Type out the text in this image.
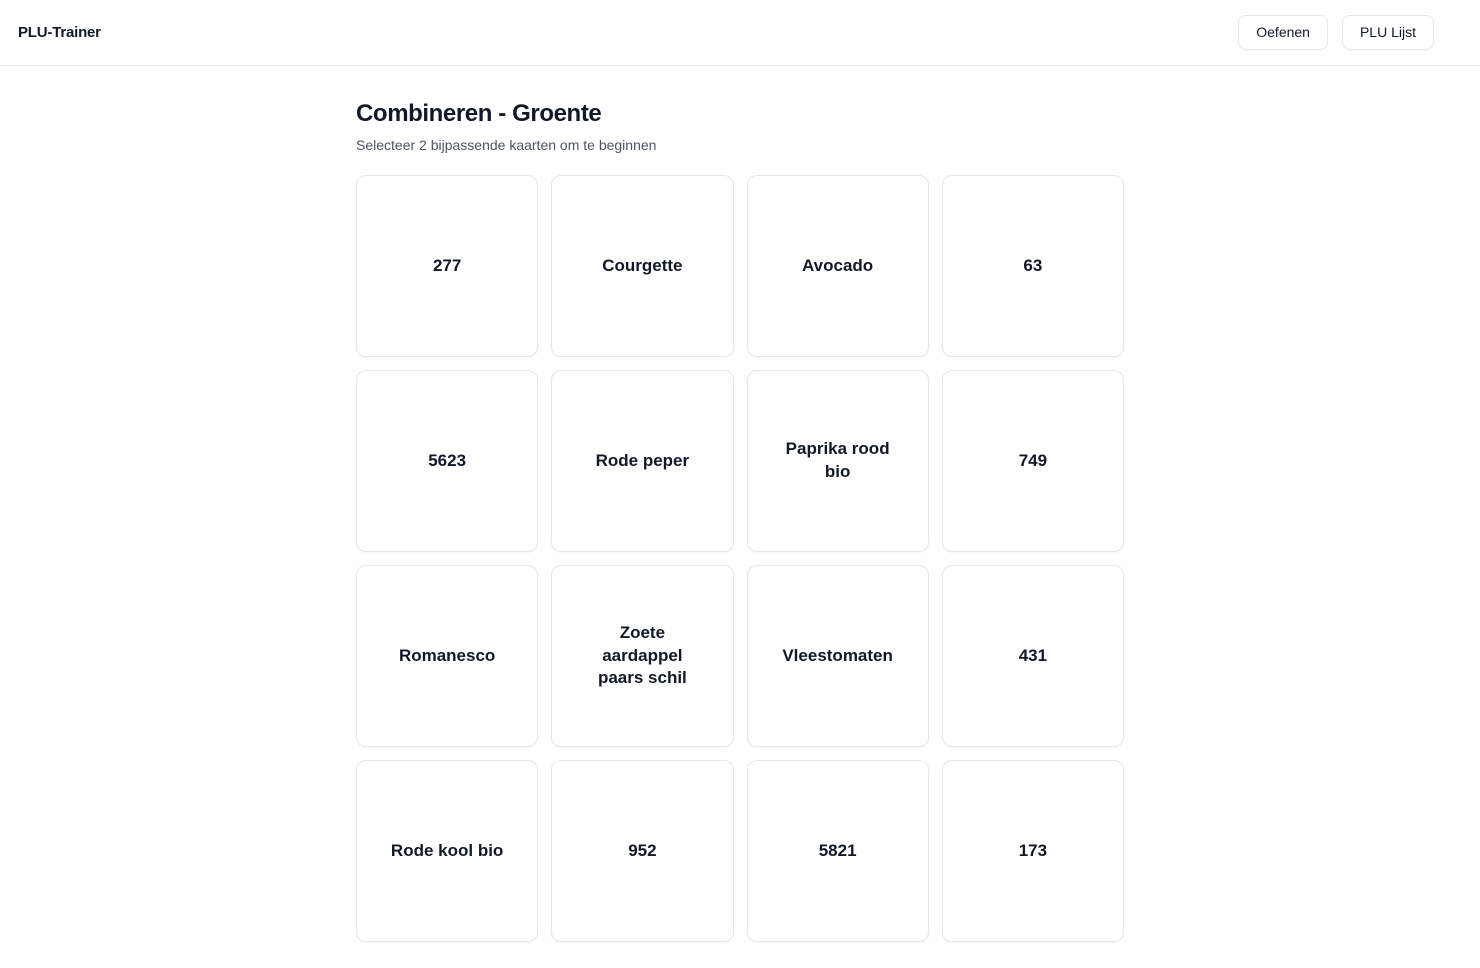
PLU-Trainer	Oefenen	PLU Lijst
Combineren - Groente
Selecteer 2 bijpassende kaarten om te beginnen
277	Courgette	Avocado	63
5623	Rode peper
Paprika rood bio
749
Romanesco
Zoete aardappel paars schil
Vleestomaten	431
Rode kool bio	952	5821	173
